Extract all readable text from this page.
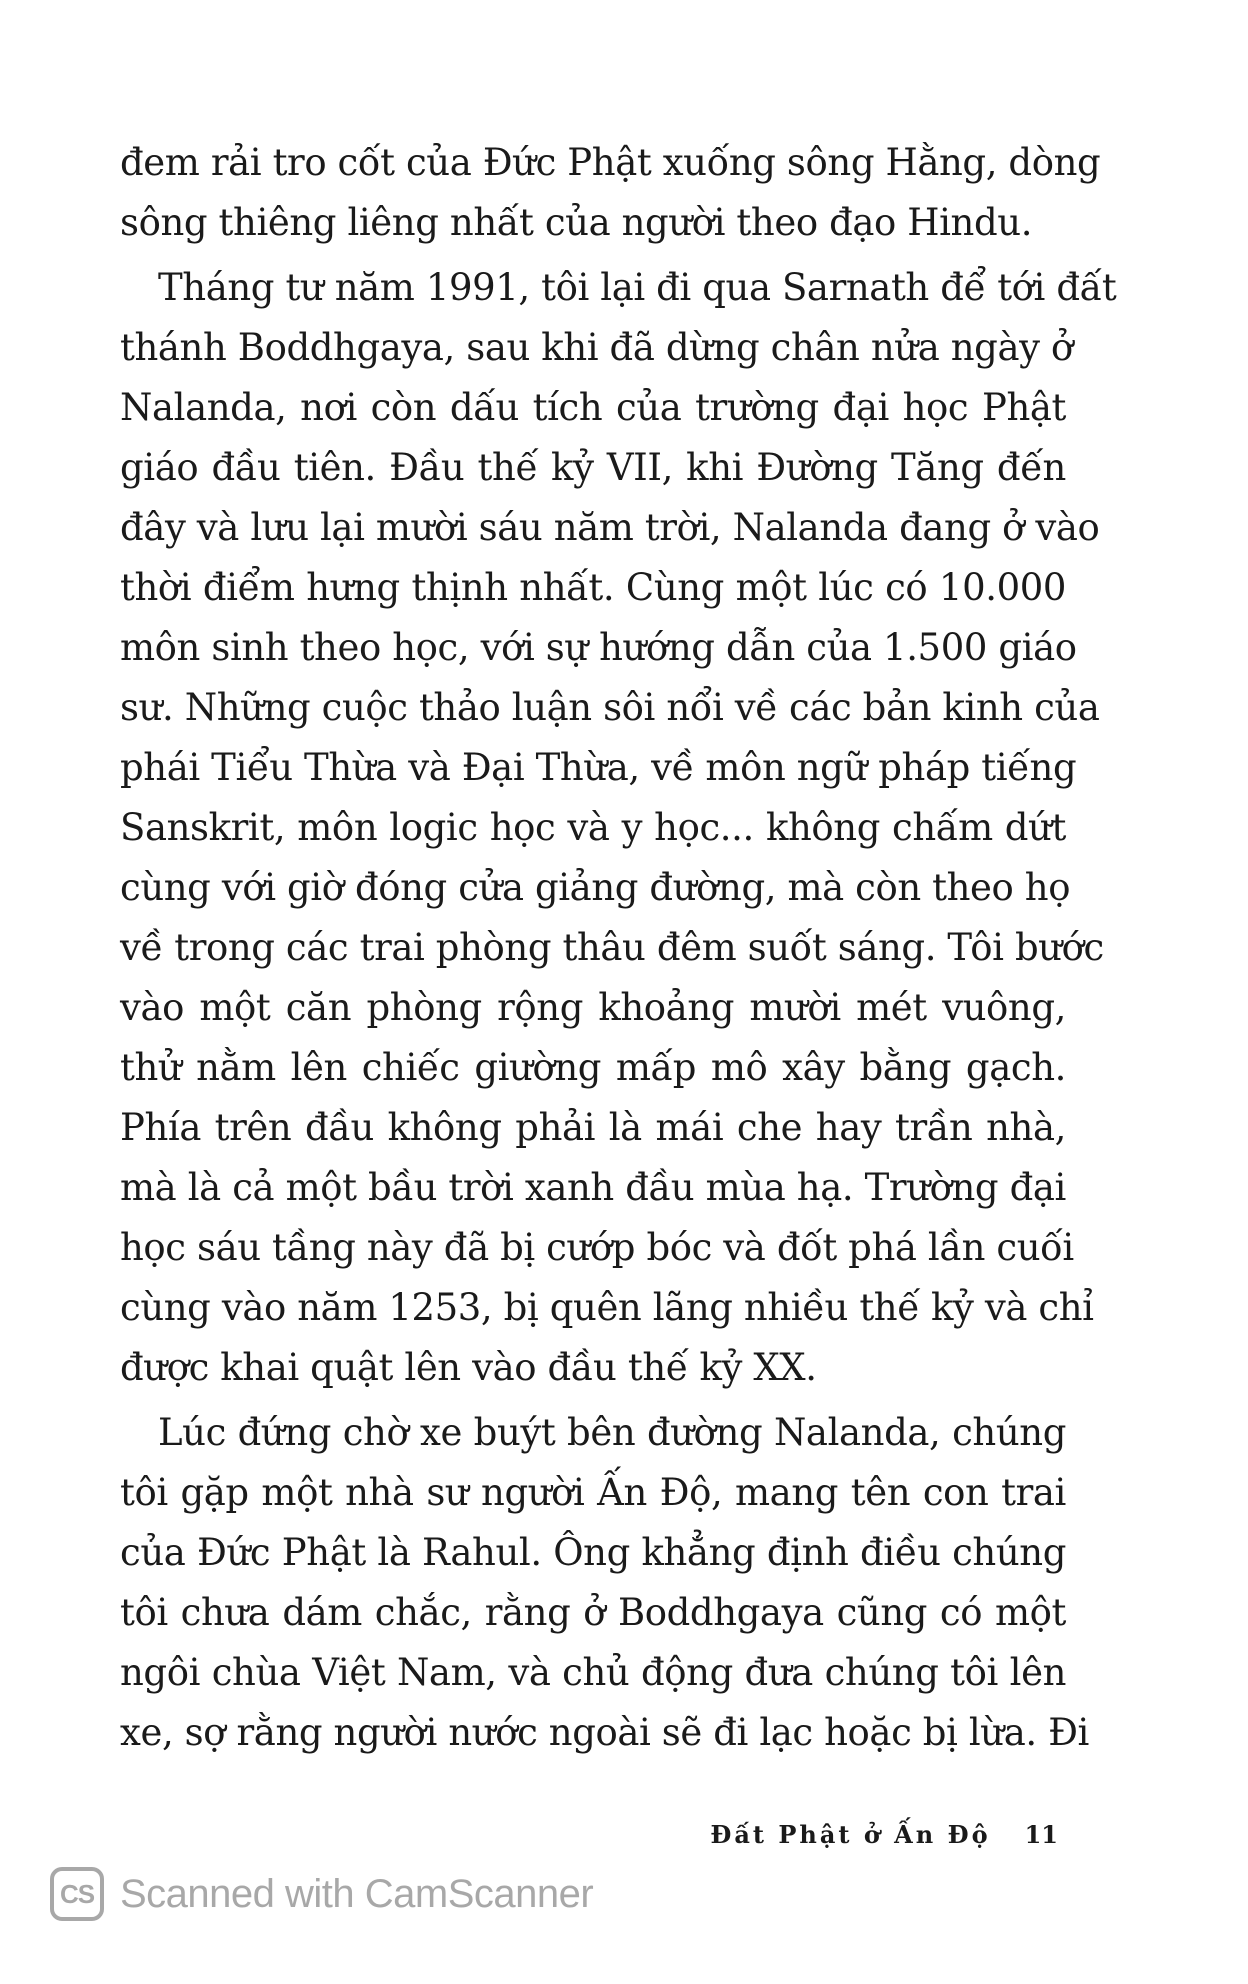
đem rải tro cốt của Đức Phật xuống sông Hằng, dòng
sông thiêng liêng nhất của người theo đạo Hindu.
Tháng tư năm 1991, tôi lại đi qua Sarnath để tới đất
thánh Boddhgaya, sau khi đã dừng chân nửa ngày ở
Nalanda, nơi còn dấu tích của trường đại học Phật
giáo đầu tiên. Đầu thế kỷ VII, khi Đường Tăng đến
đây và lưu lại mười sáu năm trời, Nalanda đang ở vào
thời điểm hưng thịnh nhất. Cùng một lúc có 10.000
môn sinh theo học, với sự hướng dẫn của 1.500 giáo
sư. Những cuộc thảo luận sôi nổi về các bản kinh của
phái Tiểu Thừa và Đại Thừa, về môn ngữ pháp tiếng
Sanskrit, môn logic học và y học... không chấm dứt
cùng với giờ đóng cửa giảng đường, mà còn theo họ
về trong các trai phòng thâu đêm suốt sáng. Tôi bước
vào một căn phòng rộng khoảng mười mét vuông,
thử nằm lên chiếc giường mấp mô xây bằng gạch.
Phía trên đầu không phải là mái che hay trần nhà,
mà là cả một bầu trời xanh đầu mùa hạ. Trường đại
học sáu tầng này đã bị cướp bóc và đốt phá lần cuối
cùng vào năm 1253, bị quên lãng nhiều thế kỷ và chỉ
được khai quật lên vào đầu thế kỷ XX.
Lúc đứng chờ xe buýt bên đường Nalanda, chúng
tôi gặp một nhà sư người Ấn Độ, mang tên con trai
của Đức Phật là Rahul. Ông khẳng định điều chúng
tôi chưa dám chắc, rằng ở Boddhgaya cũng có một
ngôi chùa Việt Nam, và chủ động đưa chúng tôi lên
xe, sợ rằng người nước ngoài sẽ đi lạc hoặc bị lừa. Đi
Đất Phật ở Ấn Độ 11
CS Scanned with CamScanner
